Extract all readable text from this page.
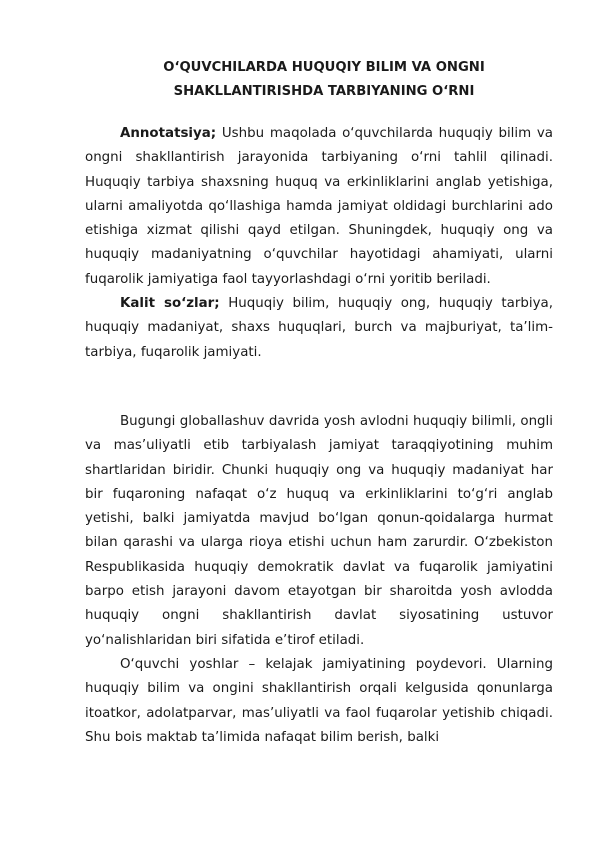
O‘QUVCHILARDA HUQUQIY BILIM VA ONGNI
SHAKLLANTIRISHDA TARBIYANING O‘RNI

Annotatsiya; Ushbu maqolada o‘quvchilarda huquqiy bilim va ongni shakllantirish jarayonida tarbiyaning o‘rni tahlil qilinadi. Huquqiy tarbiya shaxsning huquq va erkinliklarini anglab yetishiga, ularni amaliyotda qo‘llashiga hamda jamiyat oldidagi burchlarini ado etishiga xizmat qilishi qayd etilgan. Shuningdek, huquqiy ong va huquqiy madaniyatning o‘quvchilar hayotidagi ahamiyati, ularni fuqarolik jamiyatiga faol tayyorlashdagi o‘rni yoritib beriladi.

Kalit so‘zlar; Huquqiy bilim, huquqiy ong, huquqiy tarbiya, huquqiy madaniyat, shaxs huquqlari, burch va majburiyat, ta’lim-tarbiya, fuqarolik jamiyati.

Bugungi globallashuv davrida yosh avlodni huquqiy bilimli, ongli va mas’uliyatli etib tarbiyalash jamiyat taraqqiyotining muhim shartlaridan biridir. Chunki huquqiy ong va huquqiy madaniyat har bir fuqaroning nafaqat o‘z huquq va erkinliklarini to‘g‘ri anglab yetishi, balki jamiyatda mavjud bo‘lgan qonun-qoidalarga hurmat bilan qarashi va ularga rioya etishi uchun ham zarurdir. O‘zbekiston Respublikasida huquqiy demokratik davlat va fuqarolik jamiyatini barpo etish jarayoni davom etayotgan bir sharoitda yosh avlodda huquqiy ongni shakllantirish davlat siyosatining ustuvor yo‘nalishlaridan biri sifatida e’tirof etiladi.

O‘quvchi yoshlar – kelajak jamiyatining poydevori. Ularning huquqiy bilim va ongini shakllantirish orqali kelgusida qonunlarga itoatkor, adolatparvar, mas’uliyatli va faol fuqarolar yetishib chiqadi. Shu bois maktab ta’limida nafaqat bilim berish, balki
